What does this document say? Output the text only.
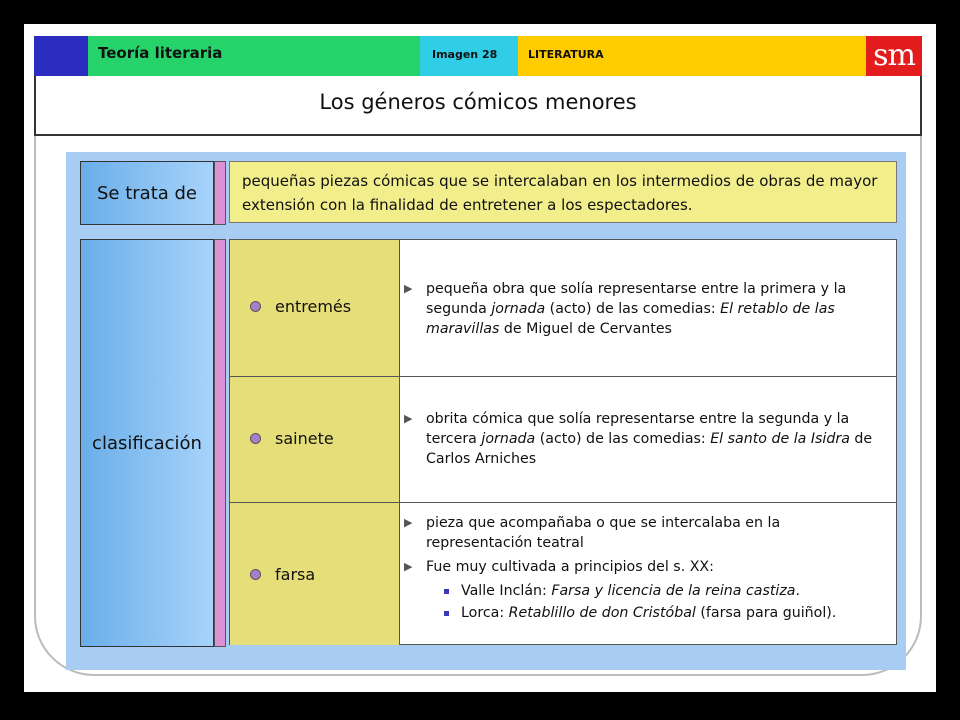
sm
Teoría literaria	Imagen 28	LITERATURA
Los géneros cómicos menores
Se trata de
pequeñas piezas cómicas que se intercalaban en los intermedios de obras de mayor extensión con la finalidad de entretener a los espectadores.
clasificación
entremés
▶ pequeña obra que solía representarse entre la primera y la segunda jornada (acto) de las comedias: El retablo de las maravillas de Miguel de Cervantes
sainete
▶ obrita cómica que solía representarse entre la segunda y la tercera jornada (acto) de las comedias: El santo de la Isidra de Carlos Arniches
farsa
▶ pieza que acompañaba o que se intercalaba en la representación teatral
▶ Fue muy cultivada a principios del s. XX:
Valle Inclán: Farsa y licencia de la reina castiza.
Lorca: Retablillo de don Cristóbal (farsa para guiñol).
